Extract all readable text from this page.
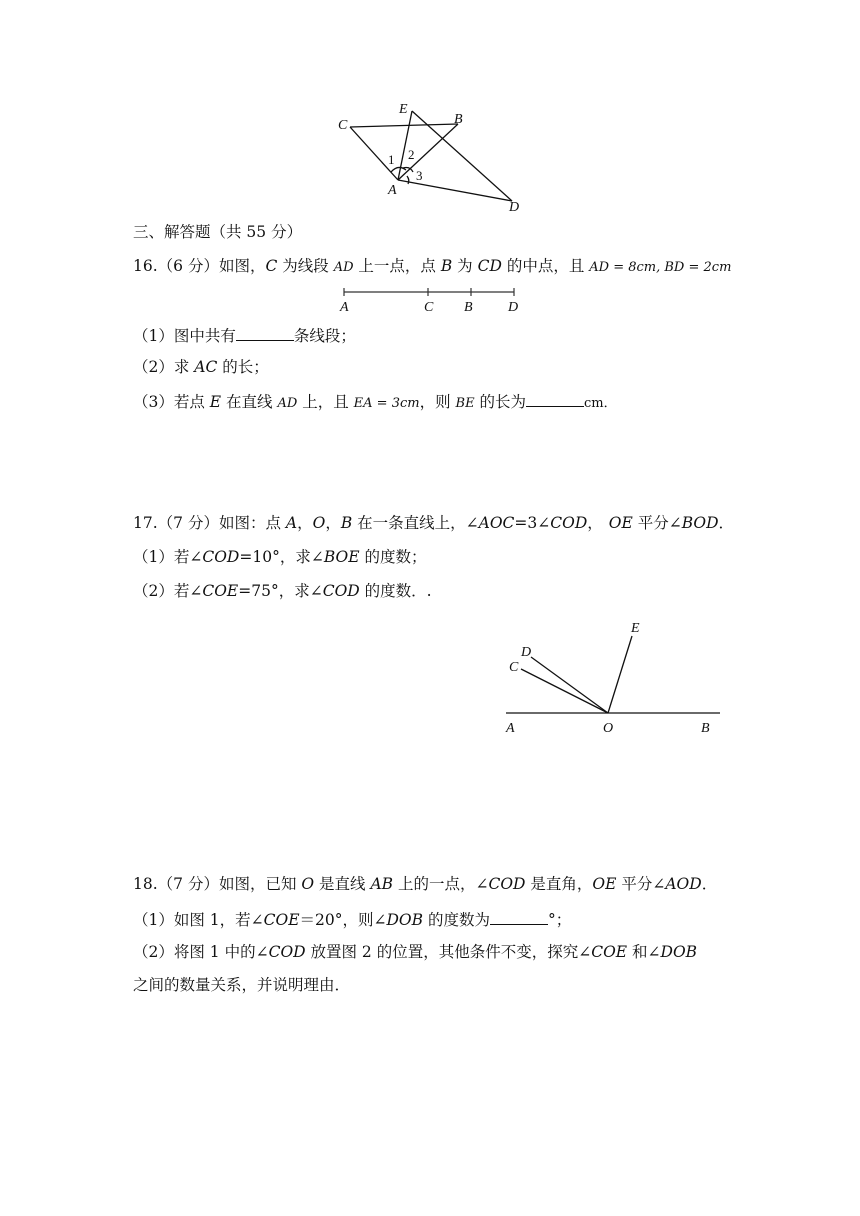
C
E
B
A
D
1 2
3
三、解答题（共 55 分）
16.（6 分）如图，C 为线段 AD 上一点，点 B 为 CD 的中点，且 AD = 8cm, BD = 2cm
A	C B	D
（1）图中共有	条线段；
（2）求 AC 的长；
（3）若点 E 在直线 AD 上，且 EA = 3cm，则 BE 的长为	cm．
17.（7 分）如图：点 A，O，B 在一条直线上，∠AOC=3∠COD， OE 平分∠BOD．
（1）若∠COD=10°，求∠BOE 的度数；
（2）若∠COE=75°，求∠COD 的度数．.
E
D
C
A	O	B
18.（7 分）如图，已知 O 是直线 AB 上的一点，∠COD 是直角，OE 平分∠AOD．
（1）如图 1，若∠COE＝20°，则∠DOB 的度数为	°；
（2）将图 1 中的∠COD 放置图 2 的位置，其他条件不变，探究∠COE 和∠DOB
之间的数量关系，并说明理由．
